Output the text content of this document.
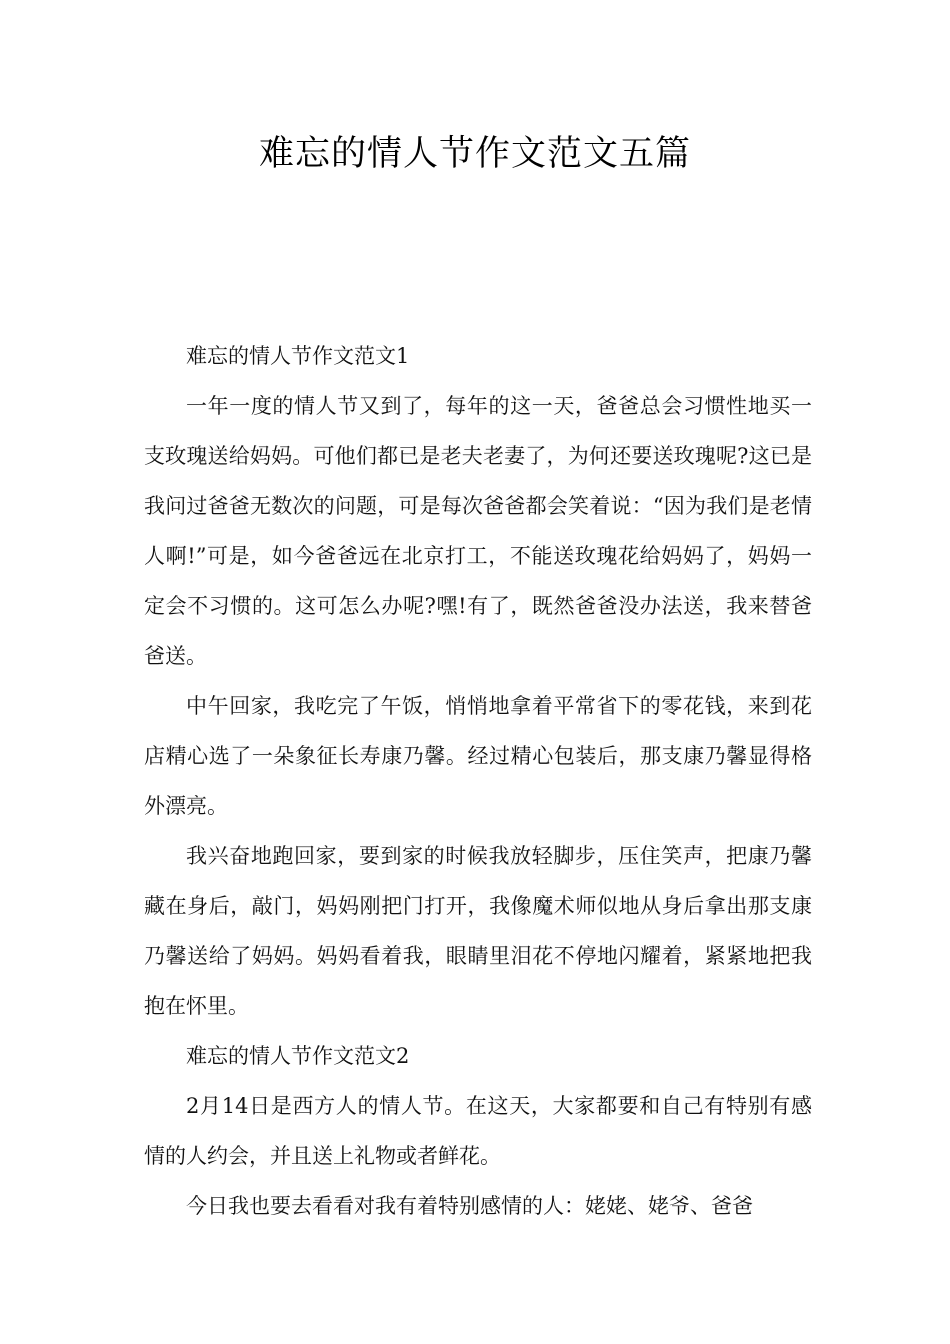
难忘的情人节作文范文五篇

难忘的情人节作文范文1

一年一度的情人节又到了，每年的这一天，爸爸总会习惯性地买一支玫瑰送给妈妈。可他们都已是老夫老妻了，为何还要送玫瑰呢?这已是我问过爸爸无数次的问题，可是每次爸爸都会笑着说：“因为我们是老情人啊!”可是，如今爸爸远在北京打工，不能送玫瑰花给妈妈了，妈妈一定会不习惯的。这可怎么办呢?嘿!有了，既然爸爸没办法送，我来替爸爸送。

中午回家，我吃完了午饭，悄悄地拿着平常省下的零花钱，来到花店精心选了一朵象征长寿康乃馨。经过精心包装后，那支康乃馨显得格外漂亮。

我兴奋地跑回家，要到家的时候我放轻脚步，压住笑声，把康乃馨藏在身后，敲门，妈妈刚把门打开，我像魔术师似地从身后拿出那支康乃馨送给了妈妈。妈妈看着我，眼睛里泪花不停地闪耀着，紧紧地把我抱在怀里。

难忘的情人节作文范文2

2月14日是西方人的情人节。在这天，大家都要和自己有特别有感情的人约会，并且送上礼物或者鲜花。

今日我也要去看看对我有着特别感情的人：姥姥、姥爷、爸爸
